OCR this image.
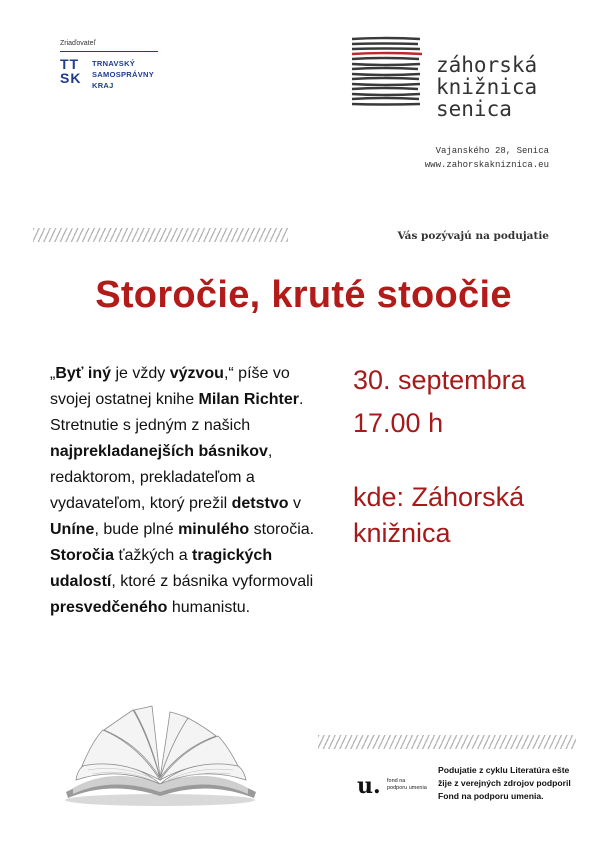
Zriaďovateľ
TT
SK
TRNAVSKÝ
SAMOSPRÁVNY
KRAJ
záhorská
knižnica
senica
Vajanského 28, Senica
www.zahorskakniznica.eu
Vás pozývajú na podujatie
Storočie, kruté stoočie
„Byť iný je vždy výzvou,“ píše vo svojej ostatnej knihe Milan Richter. Stretnutie s jedným z našich najprekladanejších básnikov, redaktorom, prekladateľom a vydavateľom, ktorý prežil detstvo v Uníne, bude plné minulého storočia. Storočia ťažkých a tragických udalostí, ktoré z básnika vyformovali presvedčeného humanistu.
30. septembra
17.00 h
kde: Záhorská knižnica
u. fond na podporu umenia
Podujatie z cyklu Literatúra ešte žije z verejných zdrojov podporil Fond na podporu umenia.
